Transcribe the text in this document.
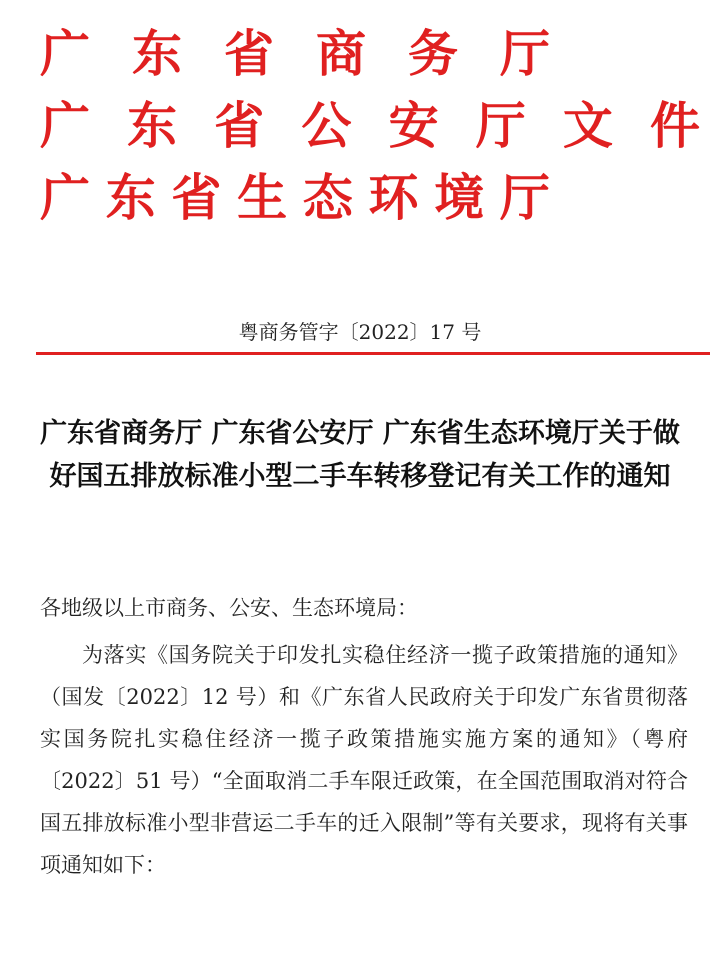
广 东 省 商 务 厅
广 东 省 公 安 厅 文 件
广 东 省 生 态 环 境 厅
粤商务管字〔2022〕17 号
广东省商务厅 广东省公安厅 广东省生态环境厅关于做好国五排放标准小型二手车转移登记有关工作的通知
各地级以上市商务、公安、生态环境局：
为落实《国务院关于印发扎实稳住经济一揽子政策措施的通知》（国发〔2022〕12 号）和《广东省人民政府关于印发广东省贯彻落实国务院扎实稳住经济一揽子政策措施实施方案的通知》（粤府〔2022〕51 号）“全面取消二手车限迁政策，在全国范围取消对符合国五排放标准小型非营运二手车的迁入限制”等有关要求，现将有关事项通知如下：
